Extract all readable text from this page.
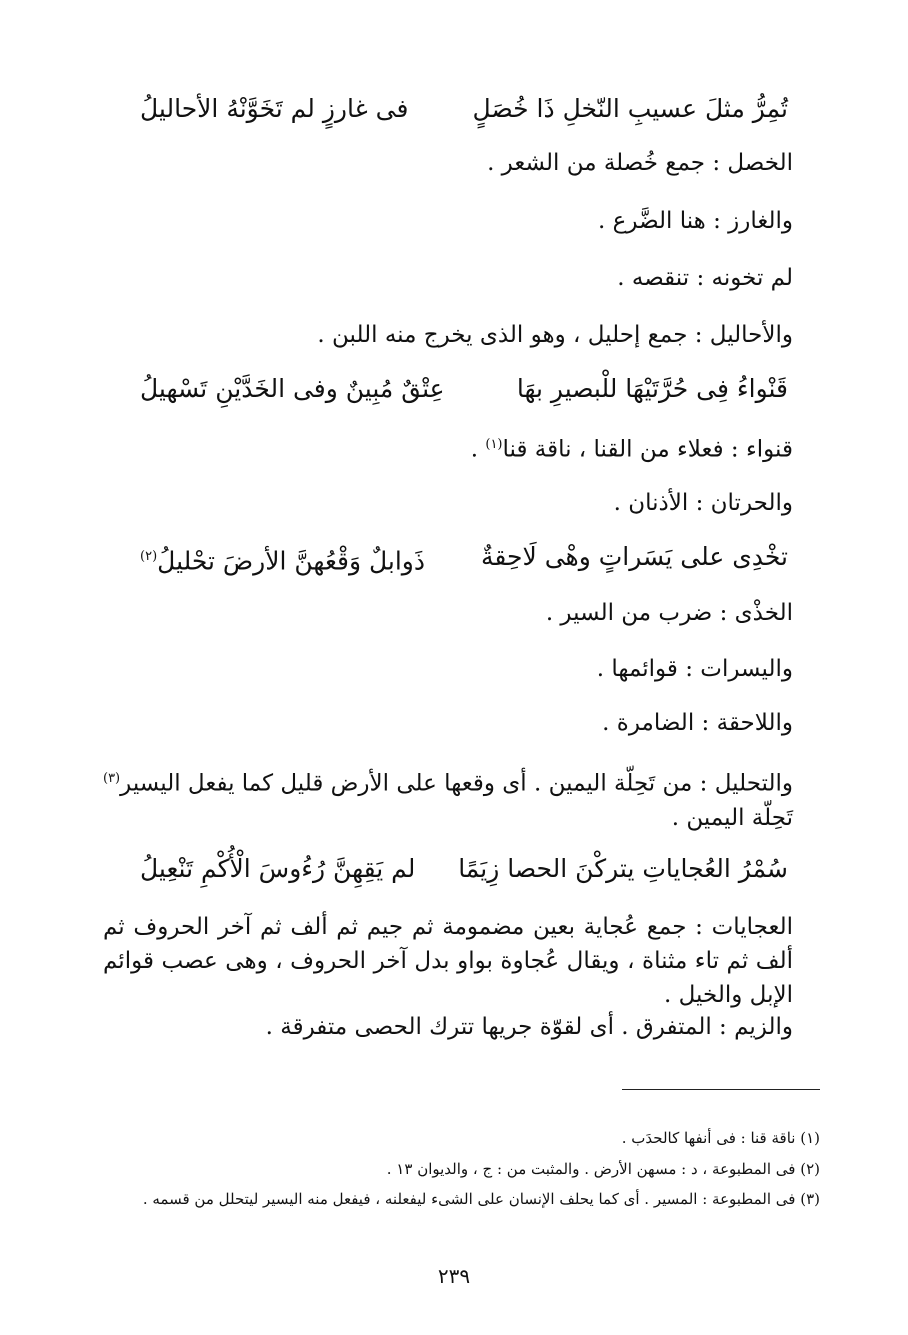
تُمِرُّ مثلَ عسيبِ النّخلِ ذَا خُصَلٍ
فى غارزٍ لم تَخَوَّنْهُ الأحاليلُ
الخصل : جمع خُصلة من الشعر .
والغارز : هنا الضَّرع .
لم تخونه : تنقصه .
والأحاليل : جمع إحليل ، وهو الذى يخرج منه اللبن .
قَنْواءُ فِى حُرَّتَيْهَا للْبصيرِ بهَا
عِتْقٌ مُبِينٌ وفى الخَدَّيْنِ تَسْهيلُ
قنواء : فعلاء من القنا ، ناقة قنا$^{(١)}$ .
والحرتان : الأذنان .
تخْدِى على يَسَراتٍ وهْى لَاحِقةٌ
ذَوابلٌ وَقْعُهنَّ الأرضَ تحْليلُ$^{(٢)}$
الخذْى : ضرب من السير .
واليسرات : قوائمها .
واللاحقة : الضامرة .
والتحليل : من تَحِلّة اليمين . أى وقعها على الأرض قليل كما يفعل اليسير$^{(٣)}$ تَحِلّة اليمين .
سُمْرُ العُجاياتِ يتركْنَ الحصا زِيَمًا
لم يَقِهِنَّ رُءُوسَ الْأُكْمِ تَنْعِيلُ
العجايات : جمع عُجاية بعين مضمومة ثم جيم ثم ألف ثم آخر الحروف ثم ألف ثم تاء مثناة ، ويقال عُجاوة بواو بدل آخر الحروف ، وهى عصب قوائم الإبل والخيل .
والزيم : المتفرق . أى لقوّة جريها تترك الحصى متفرقة .
(١) ناقة قنا : فى أنفها كالحدَب .
(٢) فى المطبوعة ، د : مسهن الأرض . والمثبت من : ج ، والديوان ١٣ .
(٣) فى المطبوعة : المسير . أى كما يحلف الإنسان على الشىء ليفعلنه ، فيفعل منه اليسير ليتحلل من قسمه .
٢٣٩
